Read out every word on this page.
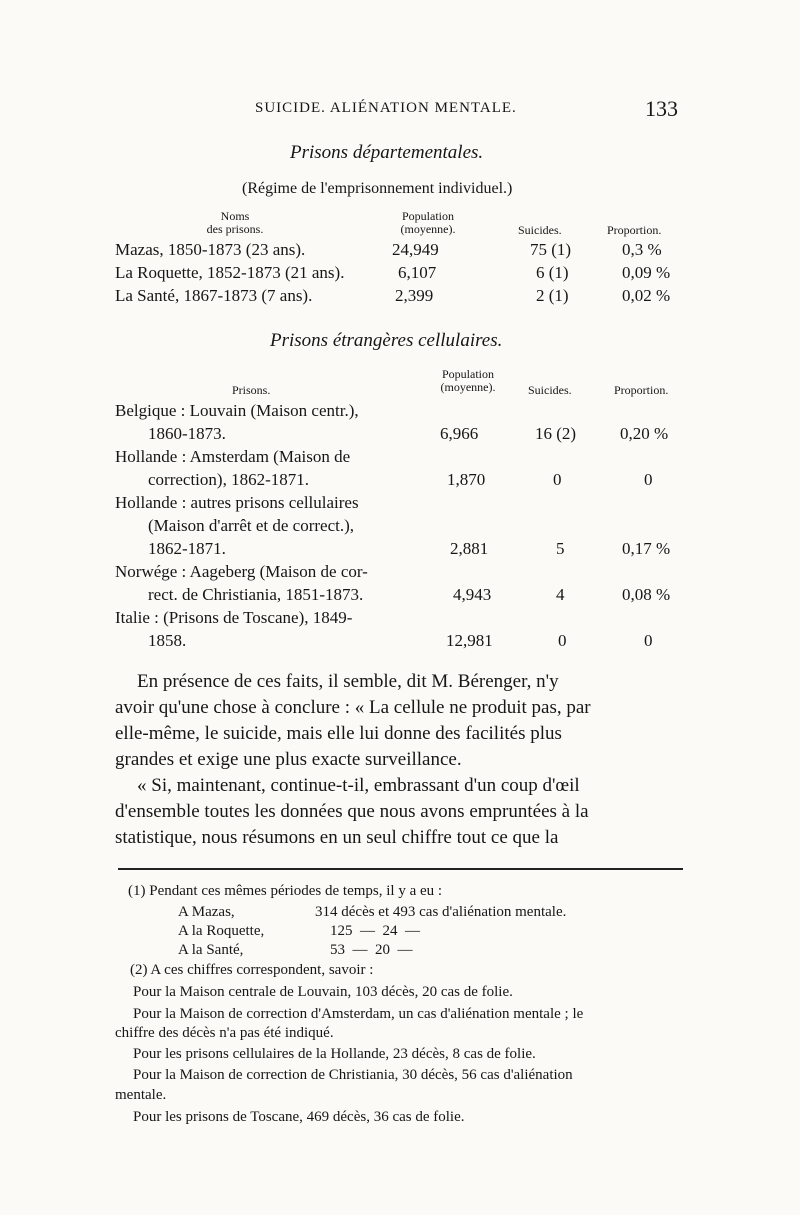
SUICIDE. ALIÉNATION MENTALE.	133
Prisons départementales.
(Régime de l'emprisonnement individuel.)
Noms
des prisons.
Population
(moyenne).	Suicides.	Proportion.
Mazas, 1850-1873 (23 ans).	24,949	75 (1)	0,3 %
La Roquette, 1852-1873 (21 ans).	6,107	6 (1)	0,09 %
La Santé, 1867-1873 (7 ans).	2,399	2 (1)	0,02 %
Prisons étrangères cellulaires.
Population
(moyenne).
Prisons.	Suicides.	Proportion.
Belgique : Louvain (Maison centr.),
1860-1873.	6,966	16 (2)	0,20 %
Hollande : Amsterdam (Maison de
correction), 1862-1871.	1,870	0	0
Hollande : autres prisons cellulaires
(Maison d'arrêt et de correct.),
1862-1871.	2,881	5	0,17 %
Norwége : Aageberg (Maison de cor-
rect. de Christiania, 1851-1873.	4,943	4	0,08 %
Italie : (Prisons de Toscane), 1849-
1858.	12,981	0	0
En présence de ces faits, il semble, dit M. Bérenger, n'y
avoir qu'une chose à conclure : « La cellule ne produit pas, par
elle-même, le suicide, mais elle lui donne des facilités plus
grandes et exige une plus exacte surveillance.
« Si, maintenant, continue-t-il, embrassant d'un coup d'œil
d'ensemble toutes les données que nous avons empruntées à la
statistique, nous résumons en un seul chiffre tout ce que la
(1) Pendant ces mêmes périodes de temps, il y a eu :
A Mazas,	314 décès et 493 cas d'aliénation mentale.
A la Roquette,	125  —  24  —
A la Santé,	53  —  20  —
(2) A ces chiffres correspondent, savoir :
Pour la Maison centrale de Louvain, 103 décès, 20 cas de folie.
Pour la Maison de correction d'Amsterdam, un cas d'aliénation mentale ; le
chiffre des décès n'a pas été indiqué.
Pour les prisons cellulaires de la Hollande, 23 décès, 8 cas de folie.
Pour la Maison de correction de Christiania, 30 décès, 56 cas d'aliénation
mentale.
Pour les prisons de Toscane, 469 décès, 36 cas de folie.
